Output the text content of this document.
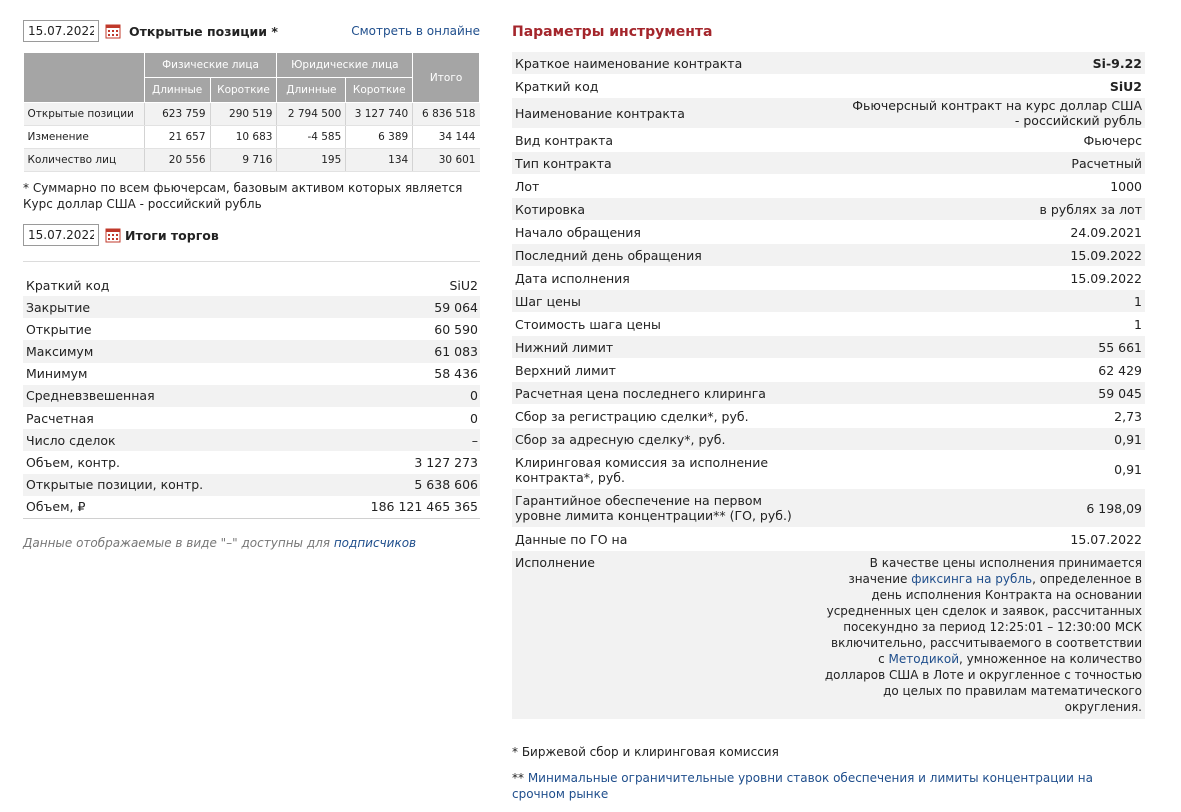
15.07.2022
Открытые позиции *	Смотреть в онлайне
	Физические лица		Юридические лица		Итого
	Длинные	Короткие	Длинные	Короткие	
Открытые позиции	623 759	290 519	2 794 500	3 127 740	6 836 518
Изменение	21 657	10 683	-4 585	6 389	34 144
Количество лиц	20 556	9 716	195	134	30 601
* Суммарно по всем фьючерсам, базовым активом которых является Курс доллар США - российский рубль
15.07.2022
Итоги торгов
Краткий код	SiU2
Закрытие	59 064
Открытие	60 590
Максимум	61 083
Минимум	58 436
Средневзвешенная	0
Расчетная	0
Число сделок	–
Объем, контр.	3 127 273
Открытые позиции, контр.	5 638 606
Объем, ₽	186 121 465 365
Данные отображаемые в виде "–" доступны для подписчиков
Параметры инструмента
Краткое наименование контракта	Si-9.22
Краткий код	SiU2
Наименование контракта	Фьючерсный контракт на курс доллар США - российский рубль
Вид контракта	Фьючерс
Тип контракта	Расчетный
Лот	1000
Котировка	в рублях за лот
Начало обращения	24.09.2021
Последний день обращения	15.09.2022
Дата исполнения	15.09.2022
Шаг цены	1
Стоимость шага цены	1
Нижний лимит	55 661
Верхний лимит	62 429
Расчетная цена последнего клиринга	59 045
Сбор за регистрацию сделки*, руб.	2,73
Сбор за адресную сделку*, руб.	0,91
Клиринговая комиссия за исполнение контракта*, руб.	0,91
Гарантийное обеспечение на первом уровне лимита концентрации** (ГО, руб.)	6 198,09
Данные по ГО на	15.07.2022
Исполнение	В качестве цены исполнения принимается значение фиксинга на рубль, определенное в день исполнения Контракта на основании усредненных цен сделок и заявок, рассчитанных посекундно за период 12:25:01 – 12:30:00 МСК включительно, рассчитываемого в соответствии с Методикой, умноженное на количество долларов США в Лоте и округленное с точностью до целых по правилам математического округления.
* Биржевой сбор и клиринговая комиссия
** Минимальные ограничительные уровни ставок обеспечения и лимиты концентрации на срочном рынке
